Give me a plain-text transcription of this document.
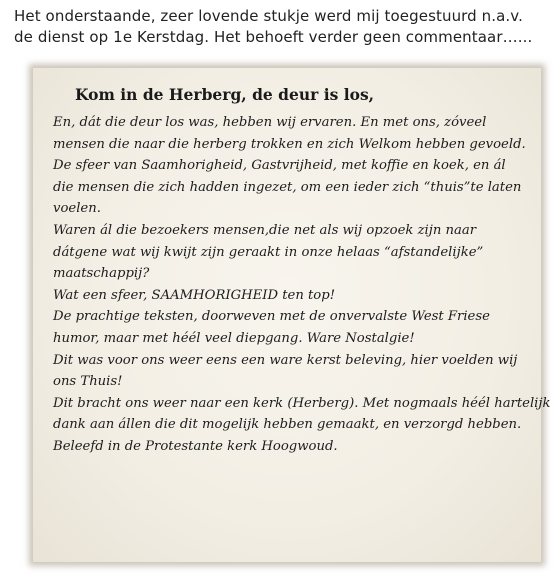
Het onderstaande, zeer lovende stukje werd mij toegestuurd n.a.v.
de dienst op 1e Kerstdag. Het behoeft verder geen commentaar…...
Kom in de Herberg, de deur is los,
En, dát die deur los was, hebben wij ervaren. En met ons, zóveel
mensen die naar die herberg trokken en zich Welkom hebben gevoeld.
De sfeer van Saamhorigheid, Gastvrijheid, met koffie en koek, en ál
die mensen die zich hadden ingezet, om een ieder zich “thuis”te laten
voelen.
Waren ál die bezoekers mensen,die net als wij opzoek zijn naar
dátgene wat wij kwijt zijn geraakt in onze helaas “afstandelijke”
maatschappij?
Wat een sfeer, SAAMHORIGHEID ten top!
De prachtige teksten, doorweven met de onvervalste West Friese
humor, maar met héél veel diepgang. Ware Nostalgie!
Dit was voor ons weer eens een ware kerst beleving, hier voelden wij
ons Thuis!
Dit bracht ons weer naar een kerk (Herberg). Met nogmaals héél hartelijk
dank aan állen die dit mogelijk hebben gemaakt, en verzorgd hebben.
Beleefd in de Protestante kerk Hoogwoud.
